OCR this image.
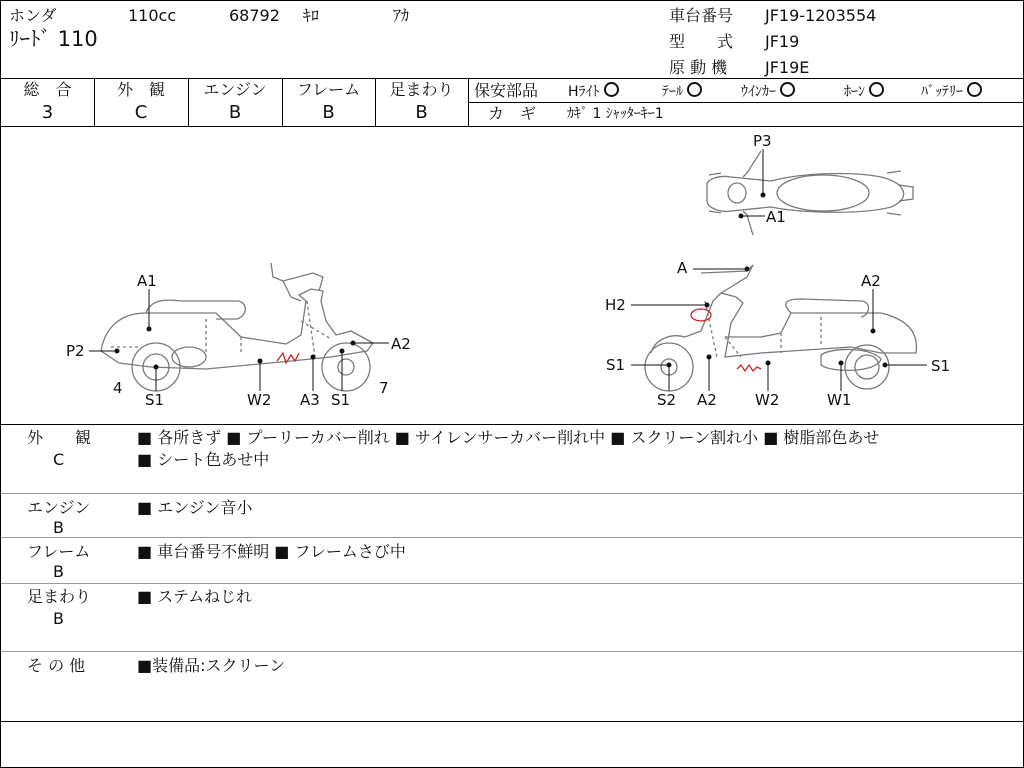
ホンダ	110cc	68792 ｷﾛ	ｱｶ
ﾘｰﾄﾞ 110
車台番号 JF19-1203554
型　　式 JF19
原 動 機 JF19E
総　合	外　観	エンジン	フレーム	足まわり
3	C	B	B	B
保安部品 Hﾗｲﾄ	ﾃｰﾙ	ｳｲﾝｶｰ	ﾎｰﾝ	ﾊﾞｯﾃﾘｰ
カ　ギ ｶｷﾞ 1 ｼｬｯﾀｰｷｰ1
A1
P2
4
S1	W2 A3 S1
7
A2
P3
A1
A
A2
H2
S1
S2 A2	W2	W1
S1
外　　観
C
■ 各所きず ■ プーリーカバー削れ ■ サイレンサーカバー削れ中 ■ スクリーン割れ小 ■ 樹脂部色あせ
■ シート色あせ中
エンジン
B
■ エンジン音小
フレーム
B
■ 車台番号不鮮明 ■ フレームさび中
足まわり
B
■ ステムねじれ
そ の 他	■装備品:スクリーン
